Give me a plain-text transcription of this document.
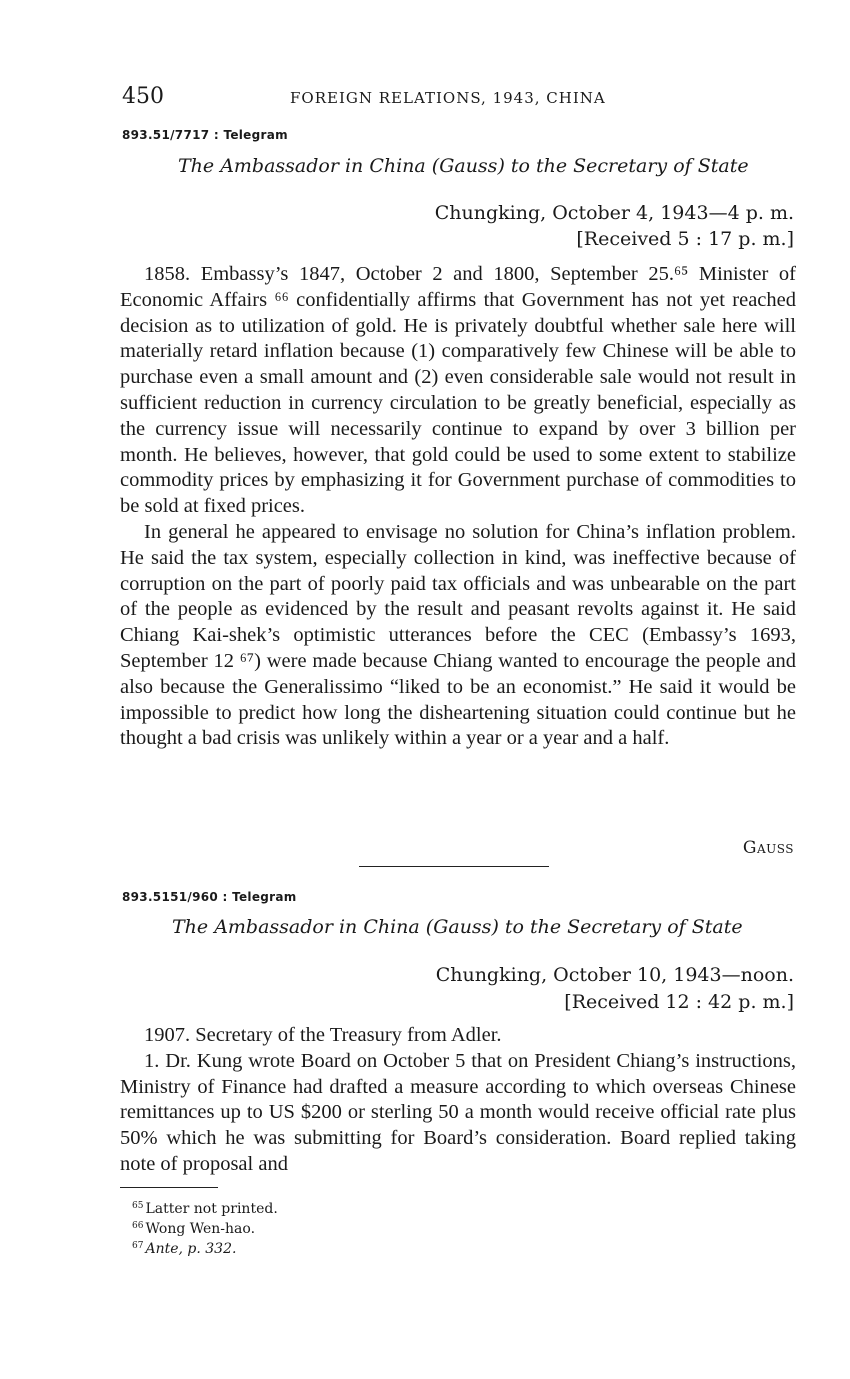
450	FOREIGN RELATIONS, 1943, CHINA
893.51/7717 : Telegram
The Ambassador in China (Gauss) to the Secretary of State
Chungking, October 4, 1943—4 p. m.
[Received 5 : 17 p. m.]

1858. Embassy’s 1847, October 2 and 1800, September 25.⁶⁵ Minister of Economic Affairs ⁶⁶ confidentially affirms that Government has not yet reached decision as to utilization of gold. He is privately doubtful whether sale here will materially retard inflation because (1) comparatively few Chinese will be able to purchase even a small amount and (2) even considerable sale would not result in sufficient reduction in currency circulation to be greatly beneficial, especially as the currency issue will necessarily continue to expand by over 3 billion per month. He believes, however, that gold could be used to some extent to stabilize commodity prices by emphasizing it for Government purchase of commodities to be sold at fixed prices.

In general he appeared to envisage no solution for China’s inflation problem. He said the tax system, especially collection in kind, was ineffective because of corruption on the part of poorly paid tax officials and was unbearable on the part of the people as evidenced by the result and peasant revolts against it. He said Chiang Kai-shek’s optimistic utterances before the CEC (Embassy’s 1693, September 12 ⁶⁷) were made because Chiang wanted to encourage the people and also because the Generalissimo “liked to be an economist.” He said it would be impossible to predict how long the disheartening situation could continue but he thought a bad crisis was unlikely within a year or a year and a half.

Gauss
893.5151/960 : Telegram
The Ambassador in China (Gauss) to the Secretary of State
Chungking, October 10, 1943—noon.
[Received 12 : 42 p. m.]

1907. Secretary of the Treasury from Adler.

1. Dr. Kung wrote Board on October 5 that on President Chiang’s instructions, Ministry of Finance had drafted a measure according to which overseas Chinese remittances up to US $200 or sterling 50 a month would receive official rate plus 50% which he was submitting for Board’s consideration. Board replied taking note of proposal and

$^{65}$ Latter not printed.
$^{66}$ Wong Wen-hao.
$^{67}$ Ante, p. 332.
